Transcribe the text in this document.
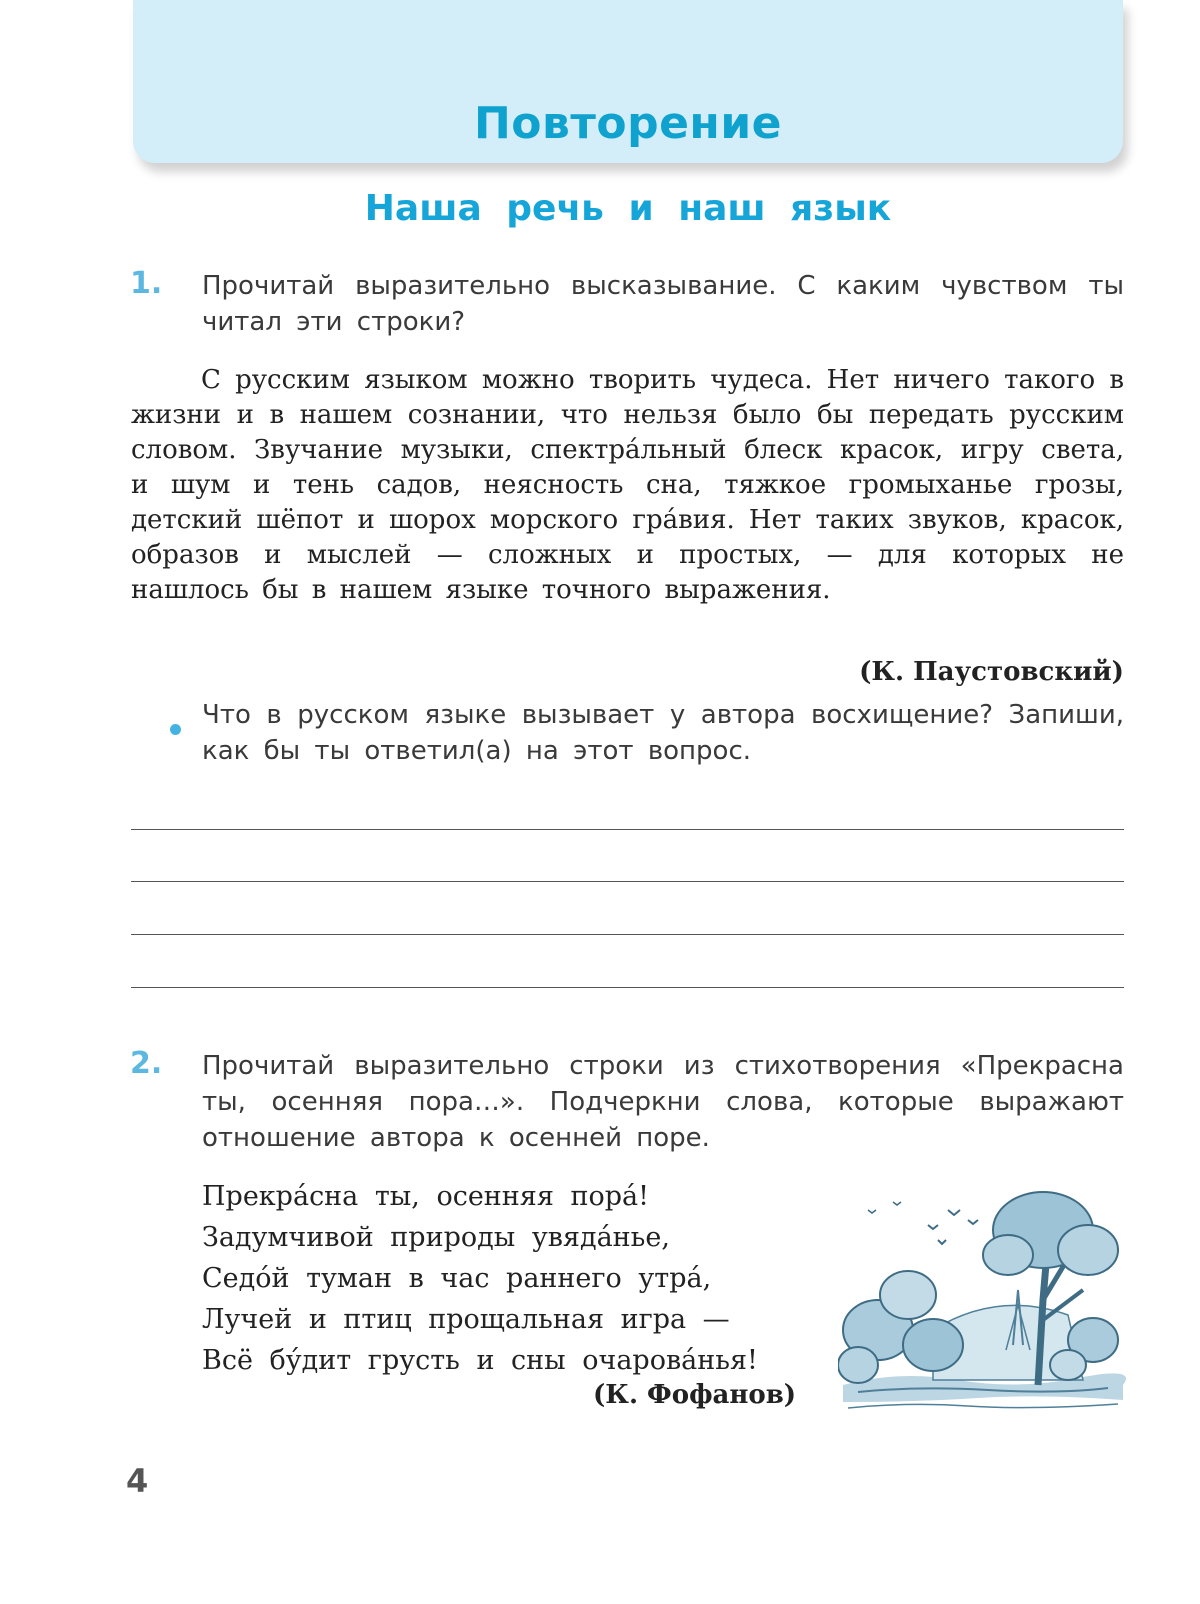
Повторение
Наша речь и наш язык
1. Прочитай выразительно высказывание. С каким чувством ты читал эти строки?

С русским языком можно творить чудеса. Нет ничего такого в жизни и в нашем сознании, что нельзя было бы передать русским словом. Звучание музыки, спектра́льный блеск красок, игру света, и шум и тень садов, неясность сна, тяжкое громыханье грозы, детский шёпот и шорох морского гра́вия. Нет таких звуков, красок, образов и мыслей — сложных и простых, — для которых не нашлось бы в нашем языке точного выражения.

(К. Паустовский)

Что в русском языке вызывает у автора восхищение? Запиши, как бы ты ответил(а) на этот вопрос.

2. Прочитай выразительно строки из стихотворения «Прекрасна ты, осенняя пора…». Подчеркни слова, которые выражают отношение автора к осенней поре.

Прекра́сна ты, осенняя пора́!
Задумчивой природы увяда́нье,
Седо́й туман в час раннего утра́,
Лучей и птиц прощальная игра —
Всё бу́дит грусть и сны очарова́нья!
(К. Фофанов)
4
